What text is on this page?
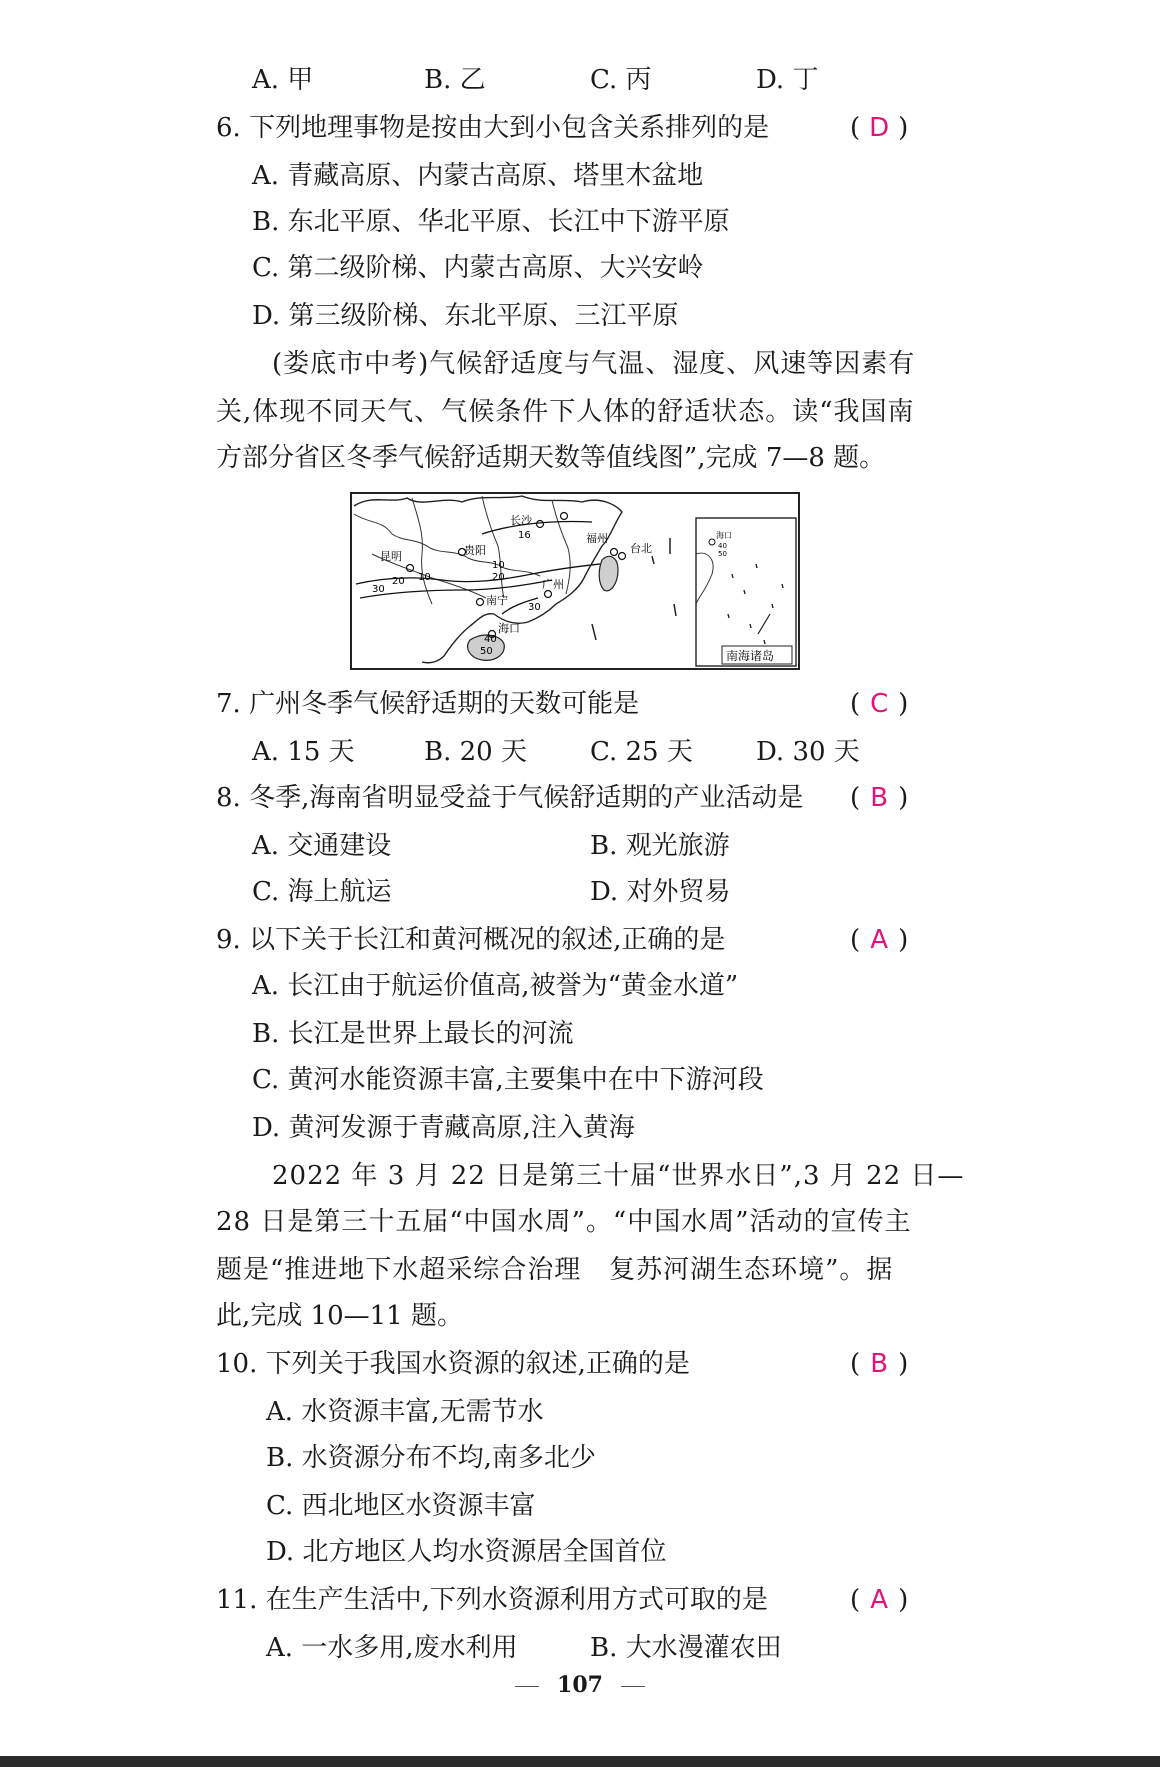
A. 甲	B. 乙	C. 丙	D. 丁
6. 下列地理事物是按由大到小包含关系排列的是	( D )
A. 青藏高原、内蒙古高原、塔里木盆地
B. 东北平原、华北平原、长江中下游平原
C. 第二级阶梯、内蒙古高原、大兴安岭
D. 第三级阶梯、东北平原、三江平原
(娄底市中考)气候舒适度与气温、湿度、风速等因素有
关,体现不同天气、气候条件下人体的舒适状态。读“我国南
方部分省区冬季气候舒适期天数等值线图”,完成 7—8 题。
长沙
福州
台北
昆明	贵阳
南宁
广州
海口
16
10
20
30
20 10
30
40
50
海口
40
50
南海诸岛
7. 广州冬季气候舒适期的天数可能是	( C )
A. 15 天	B. 20 天 C. 25 天 D. 30 天
8. 冬季,海南省明显受益于气候舒适期的产业活动是 ( B )
A. 交通建设	B. 观光旅游
C. 海上航运	D. 对外贸易
9. 以下关于长江和黄河概况的叙述,正确的是	( A )
A. 长江由于航运价值高,被誉为“黄金水道”
B. 长江是世界上最长的河流
C. 黄河水能资源丰富,主要集中在中下游河段
D. 黄河发源于青藏高原,注入黄海
2022 年 3 月 22 日是第三十届“世界水日”,3 月 22 日—
28 日是第三十五届“中国水周”。“中国水周”活动的宣传主
题是“推进地下水超采综合治理   复苏河湖生态环境”。据
此,完成 10—11 题。
10. 下列关于我国水资源的叙述,正确的是	( B )
A. 水资源丰富,无需节水
B. 水资源分布不均,南多北少
C. 西北地区水资源丰富
D. 北方地区人均水资源居全国首位
11. 在生产生活中,下列水资源利用方式可取的是	( A )
A. 一水多用,废水利用	B. 大水漫灌农田
107
